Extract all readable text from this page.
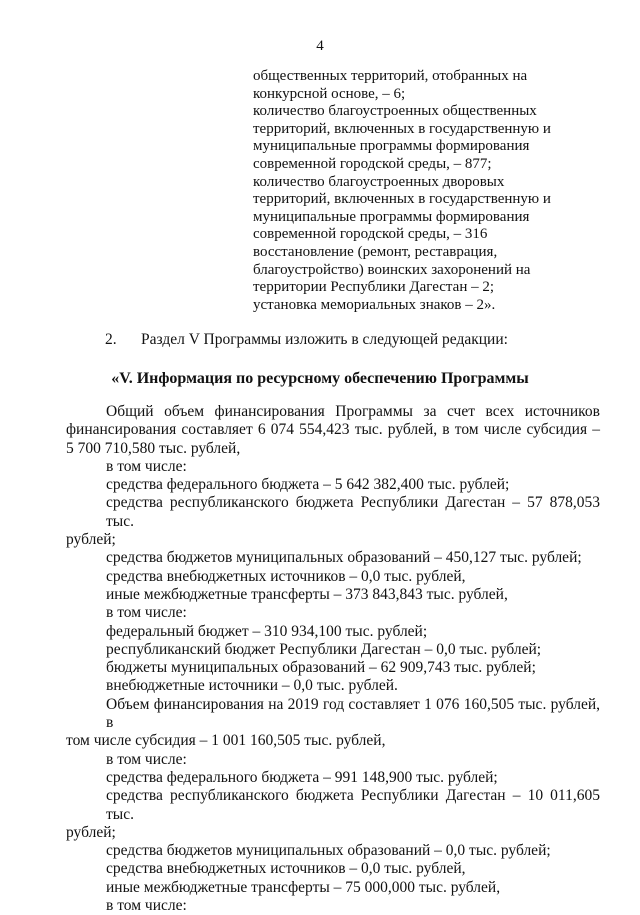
4
общественных территорий, отобранных на
конкурсной основе, – 6;
количество благоустроенных общественных
территорий, включенных в государственную и
муниципальные программы формирования
современной городской среды, – 877;
количество благоустроенных дворовых
территорий, включенных в государственную и
муниципальные программы формирования
современной городской среды, – 316
восстановление (ремонт, реставрация,
благоустройство) воинских захоронений на
территории Республики Дагестан – 2;
установка мемориальных знаков – 2».
2. Раздел V Программы изложить в следующей редакции:
«V. Информация по ресурсному обеспечению Программы
Общий объем финансирования Программы за счет всех источников
финансирования составляет 6 074 554,423 тыс. рублей, в том числе субсидия –
5 700 710,580 тыс. рублей,
в том числе:
средства федерального бюджета – 5 642 382,400 тыс. рублей;
средства республиканского бюджета Республики Дагестан – 57 878,053 тыс.
рублей;
средства бюджетов муниципальных образований – 450,127 тыс. рублей;
средства внебюджетных источников – 0,0 тыс. рублей,
иные межбюджетные трансферты – 373 843,843 тыс. рублей,
в том числе:
федеральный бюджет – 310 934,100 тыс. рублей;
республиканский бюджет Республики Дагестан – 0,0 тыс. рублей;
бюджеты муниципальных образований – 62 909,743 тыс. рублей;
внебюджетные источники – 0,0 тыс. рублей.
Объем финансирования на 2019 год составляет 1 076 160,505 тыс. рублей, в
том числе субсидия – 1 001 160,505 тыс. рублей,
в том числе:
средства федерального бюджета – 991 148,900 тыс. рублей;
средства республиканского бюджета Республики Дагестан – 10 011,605 тыс.
рублей;
средства бюджетов муниципальных образований – 0,0 тыс. рублей;
средства внебюджетных источников – 0,0 тыс. рублей,
иные межбюджетные трансферты – 75 000,000 тыс. рублей,
в том числе:
